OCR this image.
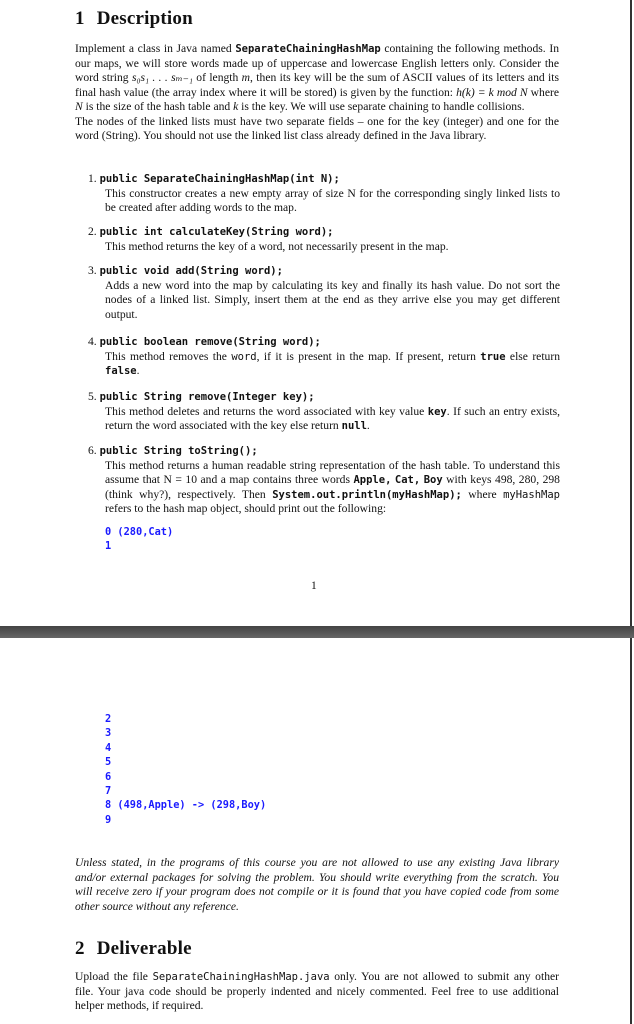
1 Description

Implement a class in Java named SeparateChainingHashMap containing the following methods. In our maps, we will store words made up of uppercase and lowercase English letters only. Consider the word string s₀s₁ . . . sₘ₋₁ of length m, then its key will be the sum of ASCII values of its letters and its final hash value (the array index where it will be stored) is given by the function: h(k) = k mod N where N is the size of the hash table and k is the key. We will use separate chaining to handle collisions.

The nodes of the linked lists must have two separate fields – one for the key (integer) and one for the word (String). You should not use the linked list class already defined in the Java library.

1. public SeparateChainingHashMap(int N);
This constructor creates a new empty array of size N for the corresponding singly linked lists to be created after adding words to the map.
2. public int calculateKey(String word);
This method returns the key of a word, not necessarily present in the map.
3. public void add(String word);
Adds a new word into the map by calculating its key and finally its hash value. Do not sort the nodes of a linked list. Simply, insert them at the end as they arrive else you may get different output.
4. public boolean remove(String word);
This method removes the word, if it is present in the map. If present, return true else return false.
5. public String remove(Integer key);
This method deletes and returns the word associated with key value key. If such an entry exists, return the word associated with the key else return null.
6. public String toString();
This method returns a human readable string representation of the hash table. To understand this assume that N = 10 and a map contains three words Apple, Cat, Boy with keys 498, 280, 298 (think why?), respectively. Then System.out.println(myHashMap); where myHashMap refers to the hash map object, should print out the following:
0 (280,Cat)
1
1
2
3
4
5
6
7
8 (498,Apple) -> (298,Boy)
9
Unless stated, in the programs of this course you are not allowed to use any existing Java library and/or external packages for solving the problem. You should write everything from the scratch. You will receive zero if your program does not compile or it is found that you have copied code from some other source without any reference.
2 Deliverable

Upload the file SeparateChainingHashMap.java only. You are not allowed to submit any other file. Your java code should be properly indented and nicely commented. Feel free to use additional helper methods, if required.
